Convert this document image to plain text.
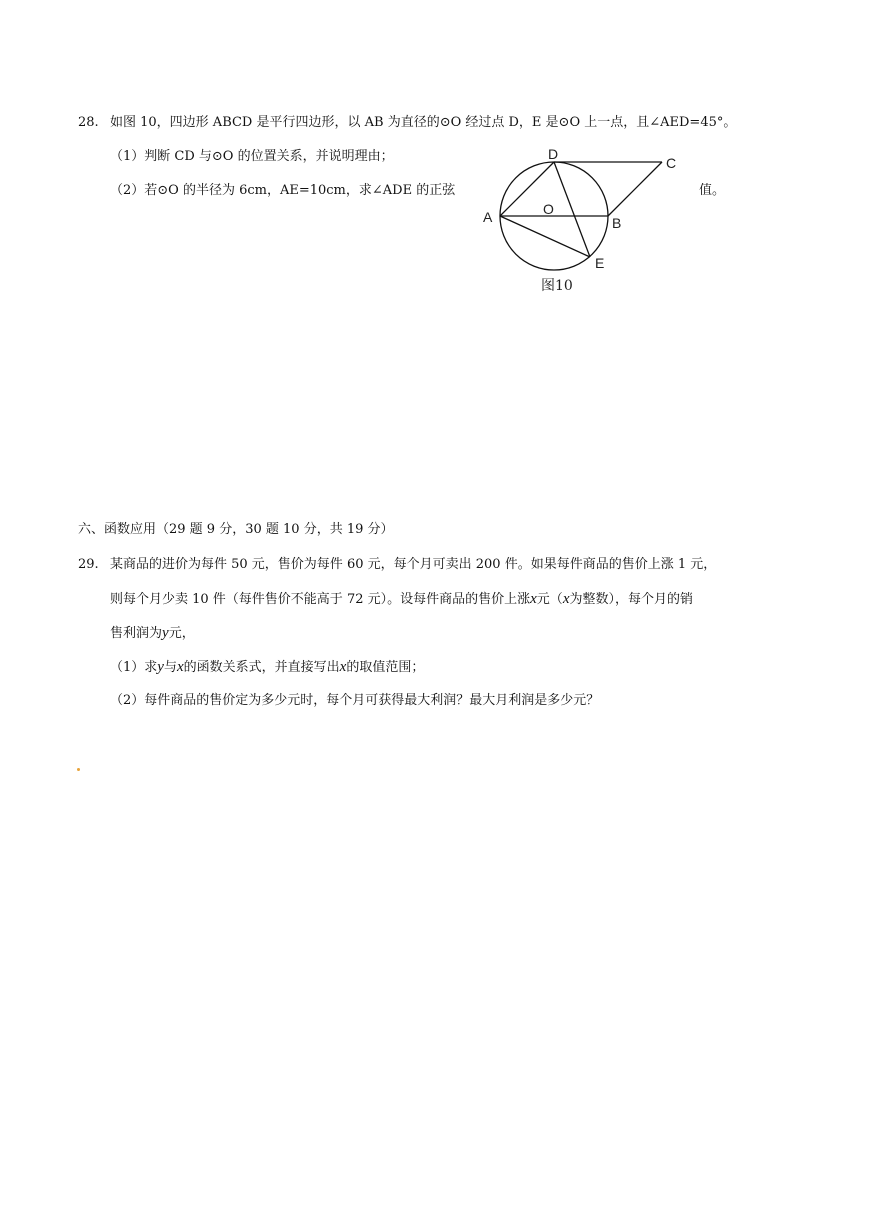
28. 如图 10，四边形 ABCD 是平行四边形，以 AB 为直径的⊙O 经过点 D，E 是⊙O 上一点，且∠AED=45°。
（1）判断 CD 与⊙O 的位置关系，并说明理由；
（2）若⊙O 的半径为 6cm，AE=10cm，求∠ADE 的正弦	值。
D
C
A	O
B
E
图10
六、函数应用（29 题 9 分，30 题 10 分，共 19 分）
29. 某商品的进价为每件 50 元，售价为每件 60 元，每个月可卖出 200 件。如果每件商品的售价上涨 1 元，
则每个月少卖 10 件（每件售价不能高于 72 元）。设每件商品的售价上涨x元（x为整数），每个月的销
售利润为y元，
（1）求y与x的函数关系式，并直接写出x的取值范围；
（2）每件商品的售价定为多少元时，每个月可获得最大利润？最大月利润是多少元？
